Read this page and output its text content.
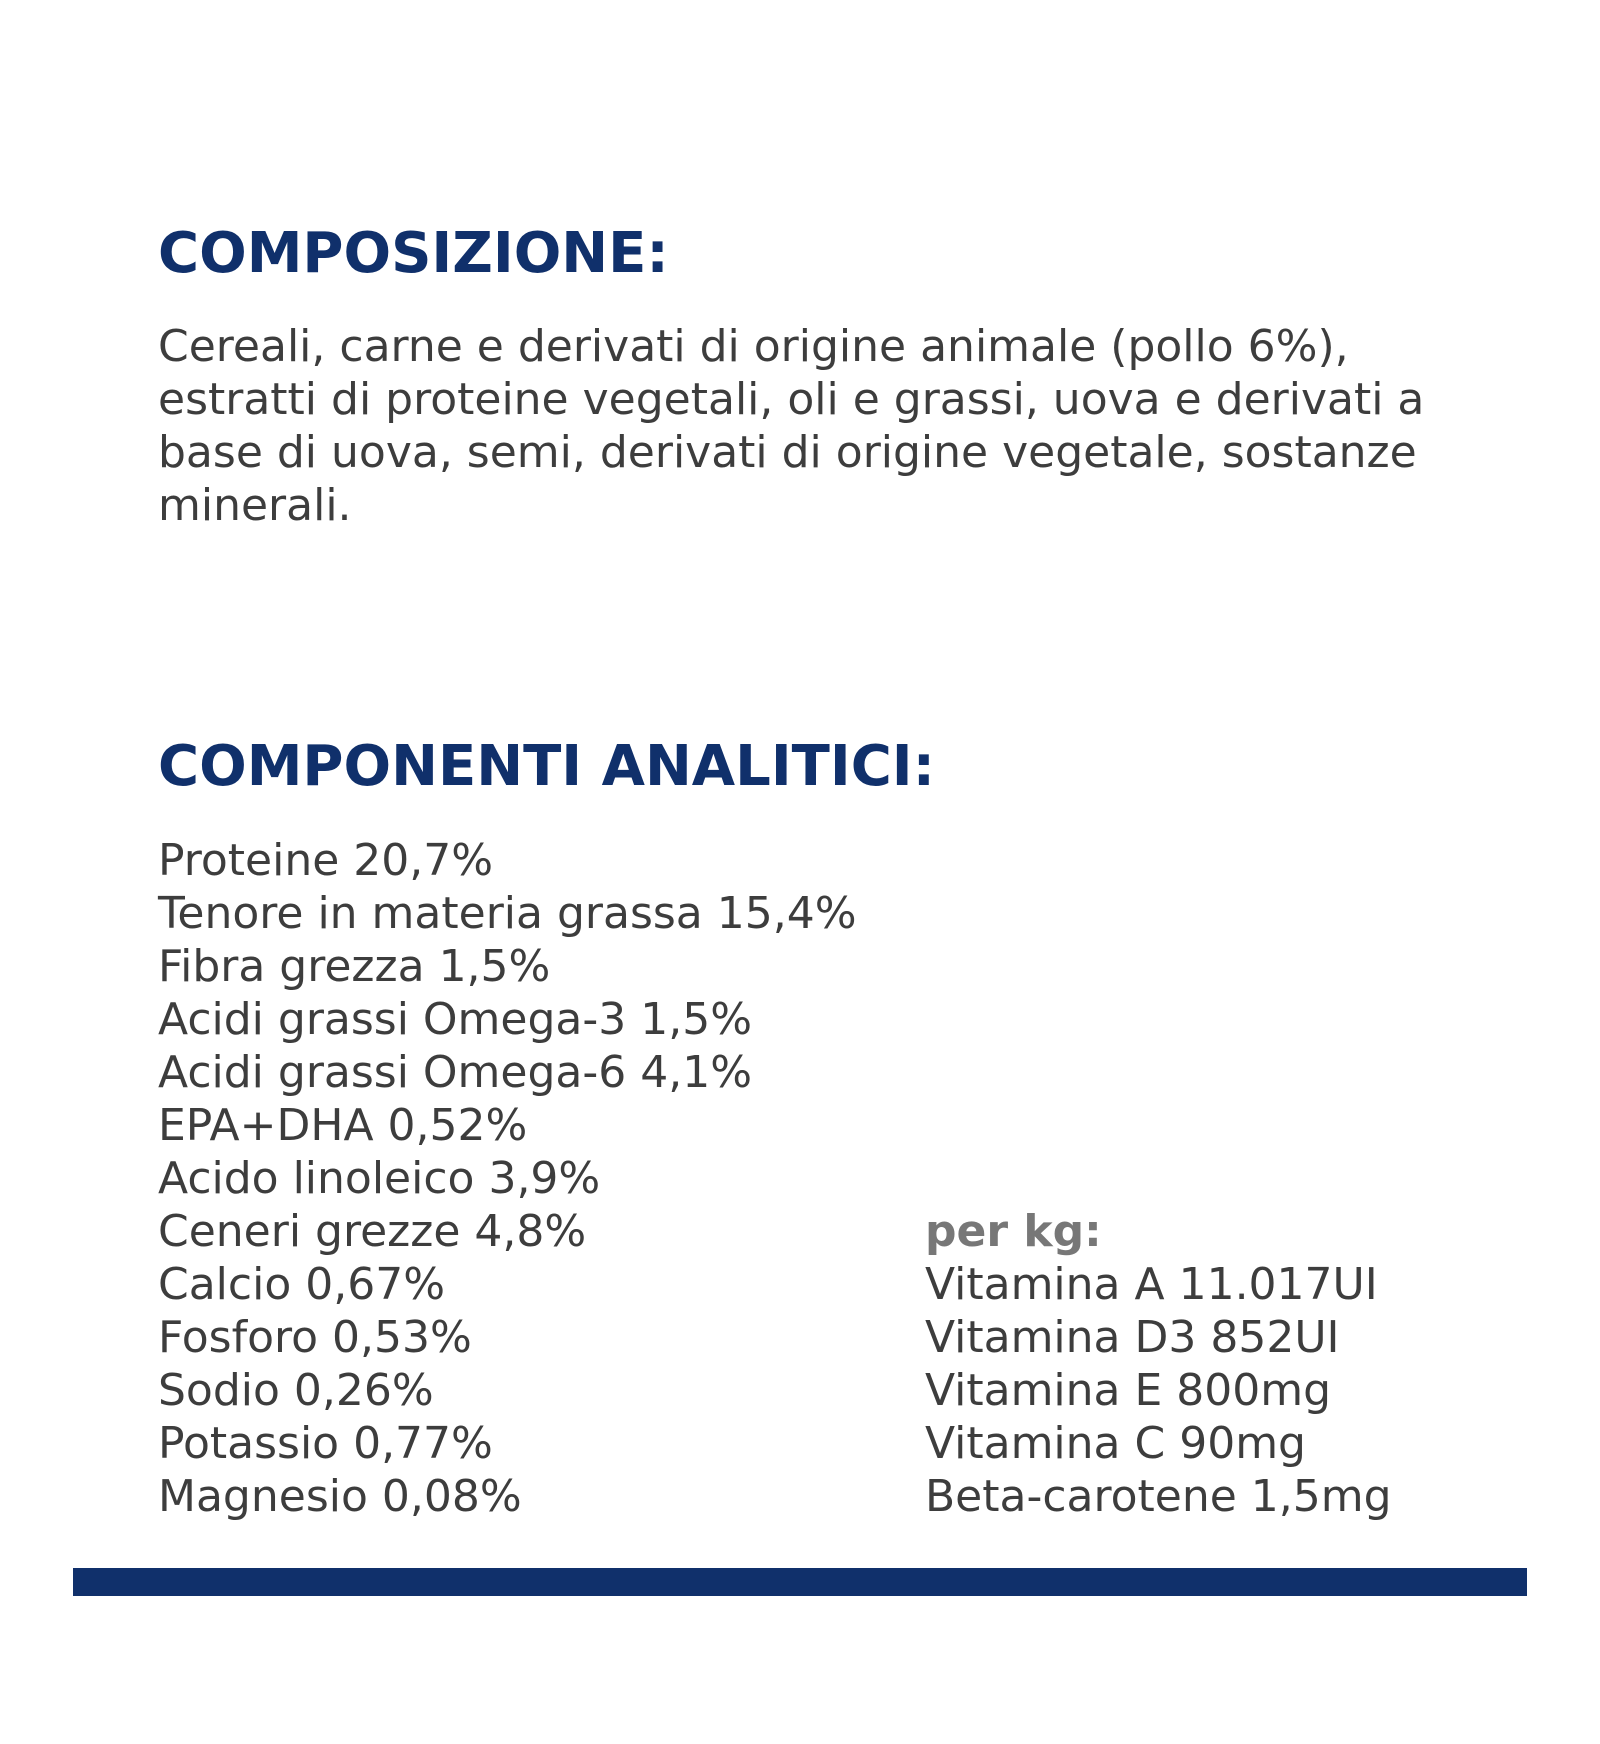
COMPOSIZIONE:

Cereali, carne e derivati di origine animale (pollo 6%), estratti di proteine vegetali, oli e grassi, uova e derivati a base di uova, semi, derivati di origine vegetale, sostanze minerali.

COMPONENTI ANALITICI:
Proteine 20,7%
Tenore in materia grassa 15,4%
Fibra grezza 1,5%
Acidi grassi Omega-3 1,5%
Acidi grassi Omega-6 4,1%
EPA+DHA 0,52%
Acido linoleico 3,9%
Ceneri grezze 4,8%
Calcio 0,67%
Fosforo 0,53%
Sodio 0,26%
Potassio 0,77%
Magnesio 0,08%
per kg:
Vitamina A 11.017UI
Vitamina D3 852UI
Vitamina E 800mg
Vitamina C 90mg
Beta-carotene 1,5mg
